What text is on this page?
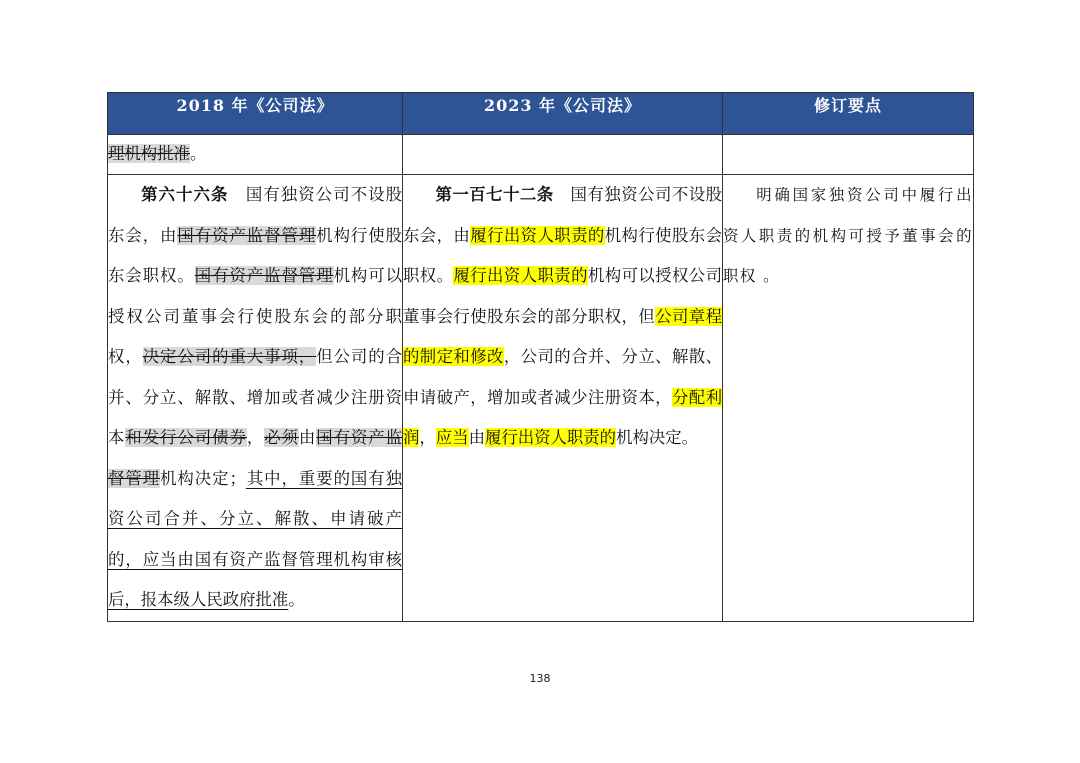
2018 年《公司法》	2023 年《公司法》	修订要点
理机构批准。		
第六十六条　国有独资公司不设股东会，由国有资产监督管理机构行使股东会职权。国有资产监督管理机构可以授权公司董事会行使股东会的部分职权，决定公司的重大事项，但公司的合并、分立、解散、增加或者减少注册资本和发行公司债券，必须由国有资产监督管理机构决定；其中，重要的国有独资公司合并、分立、解散、申请破产的，应当由国有资产监督管理机构审核后，报本级人民政府批准。	第一百七十二条　国有独资公司不设股东会，由履行出资人职责的机构行使股东会职权。履行出资人职责的机构可以授权公司董事会行使股东会的部分职权，但公司章程的制定和修改，公司的合并、分立、解散、申请破产，增加或者减少注册资本，分配利润，应当由履行出资人职责的机构决定。	明确国家独资公司中履行出资人职责的机构可授予董事会的职权 。
138
